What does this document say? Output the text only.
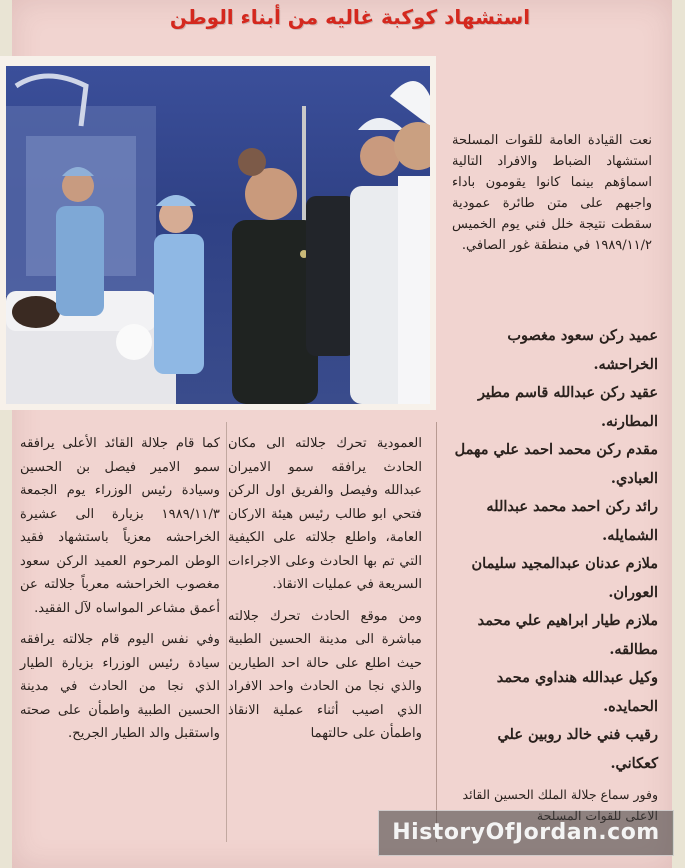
استشهاد كوكبة غاليه من أبناء الوطن
نعت القيادة العامة للقوات المسلحة استشهاد الضباط والافراد التالية اسماؤهم بينما كانوا يقومون باداء واجبهم على متن طائرة عمودية سقطت نتيجة خلل فني يوم الخميس ١٩٨٩/١١/٢ في منطقة غور الصافي.

عميد ركن سعود مغصوب الخراحشه.

عقيد ركن عبدالله قاسم مطير المطارنه.

مقدم ركن محمد احمد علي مهمل العبادي.

رائد ركن احمد محمد عبدالله الشمايله.

ملازم عدنان عبدالمجيد سليمان العوران.

ملازم طيار ابراهيم علي محمد مطالقه.

وكيل عبدالله هنداوي محمد الحمايده.

رقيب فني خالد روبين علي كعكاني.

وفور سماع جلالة الملك الحسين القائد

العمودية تحرك جلالته الى مكان الحادث يرافقه سمو الاميران عبدالله وفيصل والفريق اول الركن فتحي ابو طالب رئيس هيئة الاركان العامة، واطلع جلالته على الكيفية التي تم بها الحادث وعلى الاجراءات السريعة في عمليات الانقاذ.

ومن موقع الحادث تحرك جلالته مباشرة الى مدينة الحسين الطبية حيث اطلع على حالة احد الطيارين والذي نجا من الحادث واحد الافراد الذي اصيب أثناء عملية الانقاذ واطمأن على حالتهما

كما قام جلالة القائد الأعلى يرافقه سمو الامير فيصل بن الحسين وسيادة رئيس الوزراء يوم الجمعة ١٩٨٩/١١/٣ بزيارة الى عشيرة الخراحشه معزياً باستشهاد فقيد الوطن المرحوم العميد الركن سعود مغصوب الخراحشه معرباً جلالته عن أعمق مشاعر المواساه لآل الفقيد.

وفي نفس اليوم قام جلالته يرافقه سيادة رئيس الوزراء بزيارة الطيار الذي نجا من الحادث في مدينة الحسين الطبية واطمأن على صحته واستقبل والد الطيار الجريح.

HistoryOfJordan.com
